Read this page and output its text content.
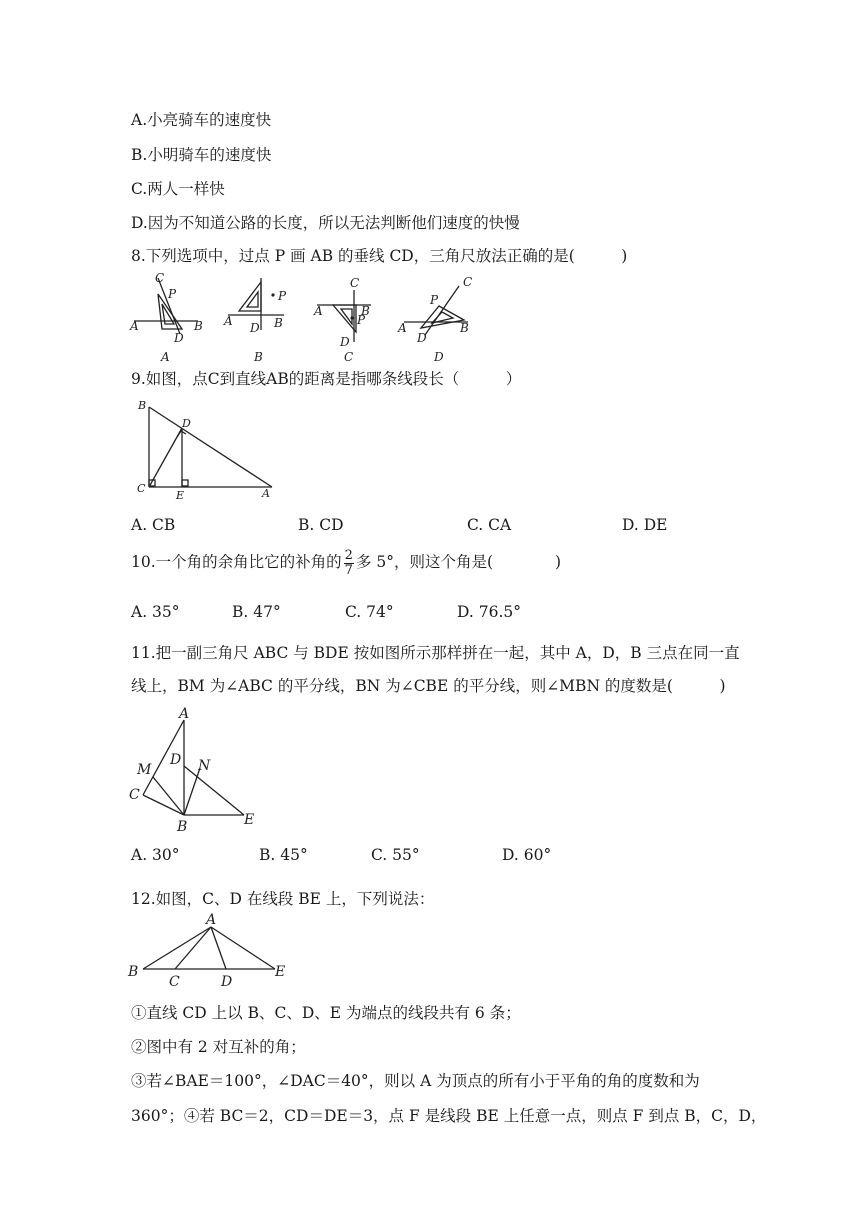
A.小亮骑车的速度快
B.小明骑车的速度快
C.两人一样快
D.因为不知道公路的长度，所以无法判断他们速度的快慢
8.下列选项中，过点 P 画 AB 的垂线 CD，三角尺放法正确的是(　　　)
C
P
A	B
D
A
P
A	B
D
B
C
A	B
P
D
C
C
P
A	B
D
D
9.如图，点C到直线AB的距离是指哪条线段长（　　　）
B
D
C
E	A
A. CB	B. CD	C. CA	D. DE
10.一个角的余角比它的补角的 $\frac{2}{7}$ 多 5°，则这个角是(　　　　)
A. 35°	B. 47°	C. 74°	D. 76.5°
11.把一副三角尺 ABC 与 BDE 按如图所示那样拼在一起，其中 A，D，B 三点在同一直
线上，BM 为∠ABC 的平分线，BN 为∠CBE 的平分线，则∠MBN 的度数是(　　　)
A
D N
M
C
B	E
A. 30°	B. 45°	C. 55°	D. 60°
12.如图，C、D 在线段 BE 上，下列说法：
A
B
C	D
E
①直线 CD 上以 B、C、D、E 为端点的线段共有 6 条；
②图中有 2 对互补的角；
③若∠BAE＝100°，∠DAC＝40°，则以 A 为顶点的所有小于平角的角的度数和为
360°；④若 BC＝2，CD＝DE＝3，点 F 是线段 BE 上任意一点，则点 F 到点 B，C，D，
